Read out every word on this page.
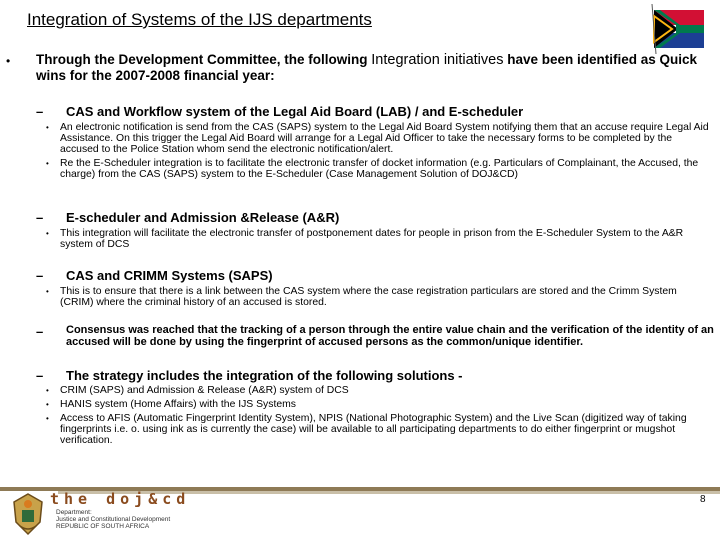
Integration of Systems of the IJS departments
• Through the Development Committee, the following Integration initiatives have been identified as Quick wins for the 2007-2008 financial year:
– CAS and Workflow system of the Legal Aid Board (LAB) / and E-scheduler
• An electronic notification is send from the CAS (SAPS) system to the Legal Aid Board System notifying them that an accuse require Legal Aid Assistance. On this trigger the Legal Aid Board will arrange for a Legal Aid Officer to take the necessary forms to be completed by the accused to the Police Station whom send the electronic notification/alert.
• Re the E-Scheduler integration is to facilitate the electronic transfer of docket information (e.g. Particulars of Complainant, the Accused, the charge) from the CAS (SAPS) system to the E-Scheduler (Case Management Solution of DOJ&CD)
– E-scheduler and Admission &Release (A&R)
• This integration will facilitate the electronic transfer of postponement dates for people in prison from the E-Scheduler System to the A&R system of DCS
– CAS and CRIMM Systems (SAPS)
• This is to ensure that there is a link between the CAS system where the case registration particulars are stored and the Crimm System (CRIM) where the criminal history of an accused is stored.
– Consensus was reached that the tracking of a person through the entire value chain and the verification of the identity of an accused will be done by using the fingerprint of accused persons as the common/unique identifier.
– The strategy includes the integration of the following solutions -
• CRIM (SAPS) and Admission & Release (A&R) system of DCS
• HANIS system (Home Affairs) with the IJS Systems
• Access to AFIS (Automatic Fingerprint Identity System), NPIS (National Photographic System) and the Live Scan (digitized way of taking fingerprints i.e. o. using ink as is currently the case) will be available to all participating departments to do either fingerprint or mugshot verification.
the doj&cd
Department:
Justice and Constitutional Development
REPUBLIC OF SOUTH AFRICA
8
